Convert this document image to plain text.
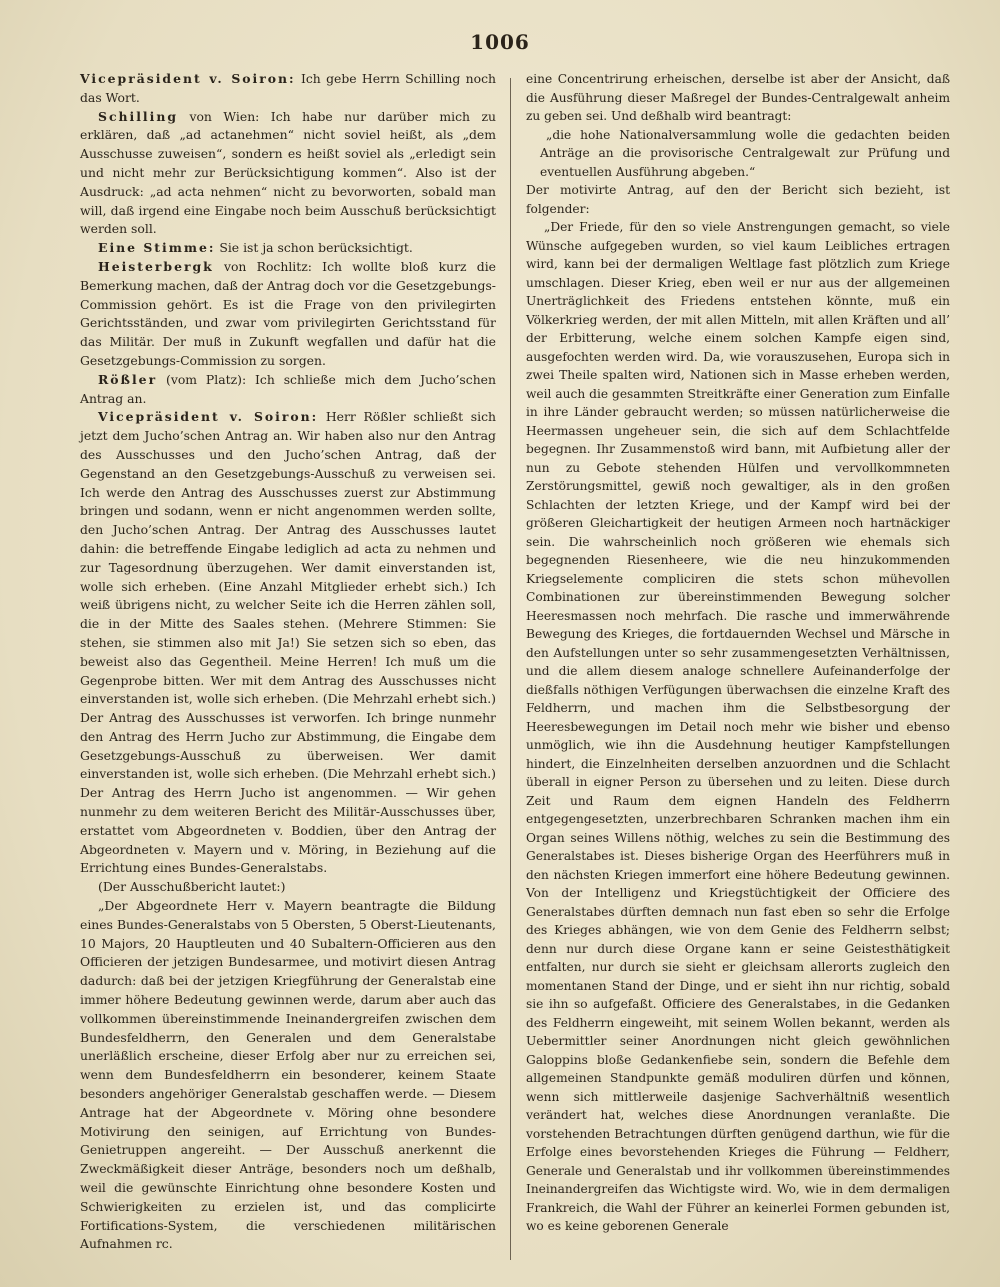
1006

Vicepräsident v. Soiron: Ich gebe Herrn Schilling noch das Wort.

Schilling von Wien: Ich habe nur darüber mich zu erklären, daß „ad actanehmen“ nicht soviel heißt, als „dem Ausschusse zuweisen“, sondern es heißt soviel als „erledigt sein und nicht mehr zur Berücksichtigung kommen“. Also ist der Ausdruck: „ad acta nehmen“ nicht zu bevorworten, sobald man will, daß irgend eine Eingabe noch beim Ausschuß berücksichtigt werden soll.

Eine Stimme: Sie ist ja schon berücksichtigt.

Heisterbergk von Rochlitz: Ich wollte bloß kurz die Bemerkung machen, daß der Antrag doch vor die Gesetzgebungs-Commission gehört. Es ist die Frage von den privilegirten Gerichtsständen, und zwar vom privilegirten Gerichtsstand für das Militär. Der muß in Zukunft wegfallen und dafür hat die Gesetzgebungs-Commission zu sorgen.

Rößler (vom Platz): Ich schließe mich dem Jucho’schen Antrag an.

Vicepräsident v. Soiron: Herr Rößler schließt sich jetzt dem Jucho’schen Antrag an. Wir haben also nur den Antrag des Ausschusses und den Jucho’schen Antrag, daß der Gegenstand an den Gesetzgebungs-Ausschuß zu verweisen sei. Ich werde den Antrag des Ausschusses zuerst zur Abstimmung bringen und sodann, wenn er nicht angenommen werden sollte, den Jucho’schen Antrag. Der Antrag des Ausschusses lautet dahin: die betreffende Eingabe lediglich ad acta zu nehmen und zur Tagesordnung überzugehen. Wer damit einverstanden ist, wolle sich erheben. (Eine Anzahl Mitglieder erhebt sich.) Ich weiß übrigens nicht, zu welcher Seite ich die Herren zählen soll, die in der Mitte des Saales stehen. (Mehrere Stimmen: Sie stehen, sie stimmen also mit Ja!) Sie setzen sich so eben, das beweist also das Gegentheil. Meine Herren! Ich muß um die Gegenprobe bitten. Wer mit dem Antrag des Ausschusses nicht einverstanden ist, wolle sich erheben. (Die Mehrzahl erhebt sich.) Der Antrag des Ausschusses ist verworfen. Ich bringe nunmehr den Antrag des Herrn Jucho zur Abstimmung, die Eingabe dem Gesetzgebungs-Ausschuß zu überweisen. Wer damit einverstanden ist, wolle sich erheben. (Die Mehrzahl erhebt sich.) Der Antrag des Herrn Jucho ist angenommen. — Wir gehen nunmehr zu dem weiteren Bericht des Militär-Ausschusses über, erstattet vom Abgeordneten v. Boddien, über den Antrag der Abgeordneten v. Mayern und v. Möring, in Beziehung auf die Errichtung eines Bundes-Generalstabs.

(Der Ausschußbericht lautet:)

„Der Abgeordnete Herr v. Mayern beantragte die Bildung eines Bundes-Generalstabs von 5 Obersten, 5 Oberst-Lieutenants, 10 Majors, 20 Hauptleuten und 40 Subaltern-Officieren aus den Officieren der jetzigen Bundesarmee, und motivirt diesen Antrag dadurch: daß bei der jetzigen Kriegführung der Generalstab eine immer höhere Bedeutung gewinnen werde, darum aber auch das vollkommen übereinstimmende Ineinandergreifen zwischen dem Bundesfeldherrn, den Generalen und dem Generalstabe unerläßlich erscheine, dieser Erfolg aber nur zu erreichen sei, wenn dem Bundesfeldherrn ein besonderer, keinem Staate besonders angehöriger Generalstab geschaffen werde. — Diesem Antrage hat der Abgeordnete v. Möring ohne besondere Motivirung den seinigen, auf Errichtung von Bundes-Genietruppen angereiht. — Der Ausschuß anerkennt die Zweckmäßigkeit dieser Anträge, besonders noch um deßhalb, weil die gewünschte Einrichtung ohne besondere Kosten und Schwierigkeiten zu erzielen ist, und das complicirte Fortifications-System, die verschiedenen militärischen Aufnahmen rc.

eine Concentrirung erheischen, derselbe ist aber der Ansicht, daß die Ausführung dieser Maßregel der Bundes-Centralgewalt anheim zu geben sei. Und deßhalb wird beantragt:

„die hohe Nationalversammlung wolle die gedachten beiden Anträge an die provisorische Centralgewalt zur Prüfung und eventuellen Ausführung abgeben.“

Der motivirte Antrag, auf den der Bericht sich bezieht, ist folgender:

„Der Friede, für den so viele Anstrengungen gemacht, so viele Wünsche aufgegeben wurden, so viel kaum Leibliches ertragen wird, kann bei der dermaligen Weltlage fast plötzlich zum Kriege umschlagen. Dieser Krieg, eben weil er nur aus der allgemeinen Unerträglichkeit des Friedens entstehen könnte, muß ein Völkerkrieg werden, der mit allen Mitteln, mit allen Kräften und all’ der Erbitterung, welche einem solchen Kampfe eigen sind, ausgefochten werden wird. Da, wie vorauszusehen, Europa sich in zwei Theile spalten wird, Nationen sich in Masse erheben werden, weil auch die gesammten Streitkräfte einer Generation zum Einfalle in ihre Länder gebraucht werden; so müssen natürlicherweise die Heermassen ungeheuer sein, die sich auf dem Schlachtfelde begegnen. Ihr Zusammenstoß wird bann, mit Aufbietung aller der nun zu Gebote stehenden Hülfen und vervollkommneten Zerstörungsmittel, gewiß noch gewaltiger, als in den großen Schlachten der letzten Kriege, und der Kampf wird bei der größeren Gleichartigkeit der heutigen Armeen noch hartnäckiger sein. Die wahrscheinlich noch größeren wie ehemals sich begegnenden Riesenheere, wie die neu hinzukommenden Kriegselemente compliciren die stets schon mühevollen Combinationen zur übereinstimmenden Bewegung solcher Heeresmassen noch mehrfach. Die rasche und immerwährende Bewegung des Krieges, die fortdauernden Wechsel und Märsche in den Aufstellungen unter so sehr zusammengesetzten Verhältnissen, und die allem diesem analoge schnellere Aufeinanderfolge der dießfalls nöthigen Verfügungen überwachsen die einzelne Kraft des Feldherrn, und machen ihm die Selbstbesorgung der Heeresbewegungen im Detail noch mehr wie bisher und ebenso unmöglich, wie ihn die Ausdehnung heutiger Kampfstellungen hindert, die Einzelnheiten derselben anzuordnen und die Schlacht überall in eigner Person zu übersehen und zu leiten. Diese durch Zeit und Raum dem eignen Handeln des Feldherrn entgegengesetzten, unzerbrechbaren Schranken machen ihm ein Organ seines Willens nöthig, welches zu sein die Bestimmung des Generalstabes ist. Dieses bisherige Organ des Heerführers muß in den nächsten Kriegen immerfort eine höhere Bedeutung gewinnen. Von der Intelligenz und Kriegstüchtigkeit der Officiere des Generalstabes dürften demnach nun fast eben so sehr die Erfolge des Krieges abhängen, wie von dem Genie des Feldherrn selbst; denn nur durch diese Organe kann er seine Geistesthätigkeit entfalten, nur durch sie sieht er gleichsam allerorts zugleich den momentanen Stand der Dinge, und er sieht ihn nur richtig, sobald sie ihn so aufgefaßt. Officiere des Generalstabes, in die Gedanken des Feldherrn eingeweiht, mit seinem Wollen bekannt, werden als Uebermittler seiner Anordnungen nicht gleich gewöhnlichen Galoppins bloße Gedankenfiebe sein, sondern die Befehle dem allgemeinen Standpunkte gemäß moduliren dürfen und können, wenn sich mittlerweile dasjenige Sachverhältniß wesentlich verändert hat, welches diese Anordnungen veranlaßte. Die vorstehenden Betrachtungen dürften genügend darthun, wie für die Erfolge eines bevorstehenden Krieges die Führung — Feldherr, Generale und Generalstab und ihr vollkommen übereinstimmendes Ineinandergreifen das Wichtigste wird. Wo, wie in dem dermaligen Frankreich, die Wahl der Führer an keinerlei Formen gebunden ist, wo es keine geborenen Generale
